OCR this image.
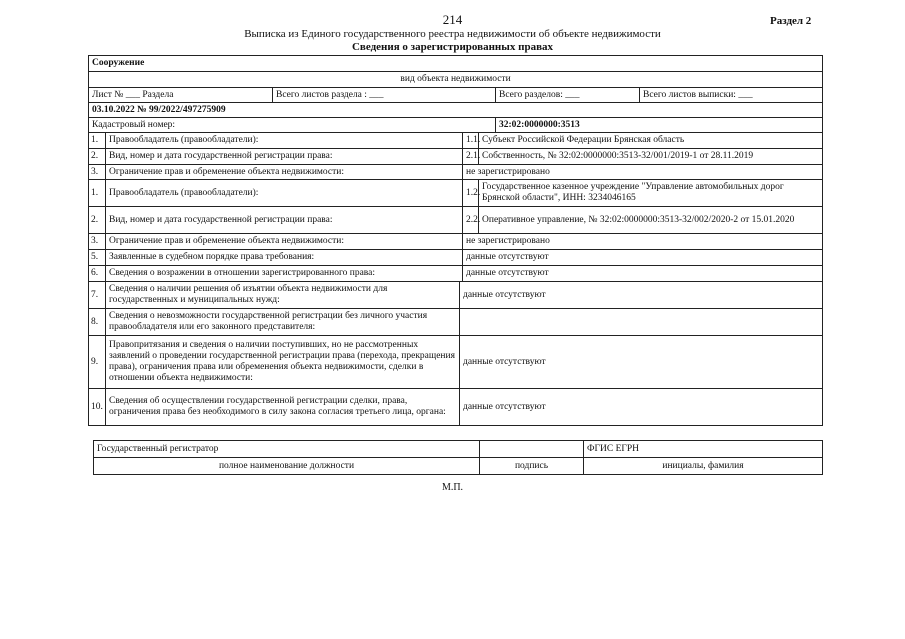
214	Раздел 2
Выписка из Единого государственного реестра недвижимости об объекте недвижимости
Сведения о зарегистрированных правах
Сооружение							
вид объекта недвижимости							
Лист № ___ Раздела		Всего листов раздела : ___				Всего разделов: ___	Всего листов выписки: ___
03.10.2022 № 99/2022/497275909							
Кадастровый номер:						32:02:0000000:3513	
1.	Правообладатель (правообладатели):			1.1.	Субъект Российской Федерации Брянская область		
2.	Вид, номер и дата государственной регистрации права:			2.1.	Собственность, № 32:02:0000000:3513-32/001/2019-1 от 28.11.2019		
3.	Ограничение прав и обременение объекта недвижимости:			не зарегистрировано			
1.	Правообладатель (правообладатели):			1.2.	Государственное казенное учреждение "Управление автомобильных дорог Брянской области", ИНН: 3234046165		
2.	Вид, номер и дата государственной регистрации права:			2.2.	Оперативное управление, № 32:02:0000000:3513-32/002/2020-2 от 15.01.2020		
3.	Ограничение прав и обременение объекта недвижимости:			не зарегистрировано			
5.	Заявленные в судебном порядке права требования:			данные отсутствуют			
6.	Сведения о возражении в отношении зарегистрированного права:			данные отсутствуют			
7.	Сведения о наличии решения об изъятии объекта недвижимости для государственных и муниципальных нужд:		данные отсутствуют				
8.	Сведения о невозможности государственной регистрации без личного участия правообладателя или его законного представителя:						
9.	Правопритязания и сведения о наличии поступивших, но не рассмотренных заявлений о проведении государственной регистрации права (перехода, прекращения права), ограничения права или обременения объекта недвижимости, сделки в отношении объекта недвижимости:		данные отсутствуют				
10.	Сведения об осуществлении государственной регистрации сделки, права, ограничения права без необходимого в силу закона согласия третьего лица, органа:		данные отсутствуют				
Государственный регистратор		ФГИС ЕГРН
полное наименование должности	подпись	инициалы, фамилия
М.П.
